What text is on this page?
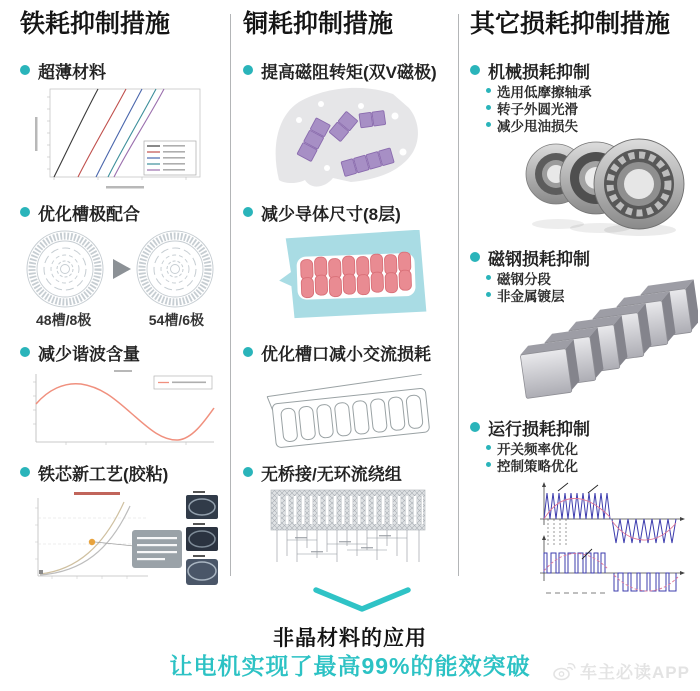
铁耗抑制措施
超薄材料
优化槽极配合
48槽/8极	54槽/6极
减少谐波含量
铁芯新工艺(胶粘)
铜耗抑制措施
提高磁阻转矩(双V磁极)
减少导体尺寸(8层)
优化槽口减小交流损耗
无桥接/无环流绕组
其它损耗抑制措施
机械损耗抑制
选用低摩擦轴承
转子外圆光滑
减少甩油损失
磁钢损耗抑制
磁钢分段
非金属镀层
运行损耗抑制
开关频率优化
控制策略优化
非晶材料的应用
让电机实现了最高99%的能效突破	车主必读APP
